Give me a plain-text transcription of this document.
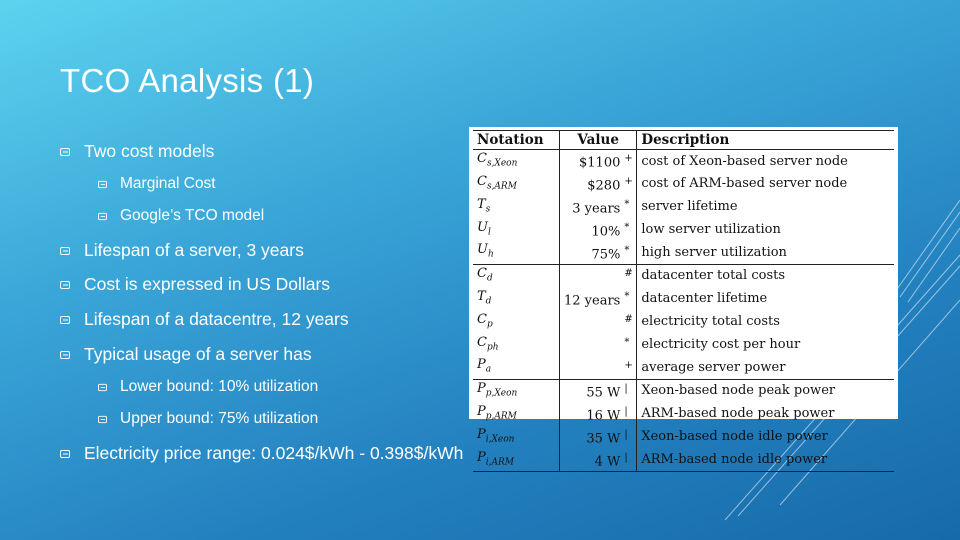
TCO Analysis (1)
Two cost models
Marginal Cost
Google’s TCO model
Lifespan of a server, 3 years
Cost is expressed in US Dollars
Lifespan of a datacentre, 12 years
Typical usage of a server has
Lower bound: 10% utilization
Upper bound: 75% utilization
Electricity price range: 0.024$/kWh - 0.398$/kWh
Notation	Value	Description
$C_{s,Xeon}$	$1100 +	cost of Xeon-based server node
$C_{s,ARM}$	$280 +	cost of ARM-based server node
$T_s$	3 years *	server lifetime
$U_l$	10% *	low server utilization
$U_h$	75% *	high server utilization
$C_d$	#	datacenter total costs
$T_d$	12 years *	datacenter lifetime
$C_p$	#	electricity total costs
$C_{ph}$	*	electricity cost per hour
$P_a$	+	average server power
$P_{p,Xeon}$	55 W |	Xeon-based node peak power
$P_{p,ARM}$	16 W |	ARM-based node peak power
$P_{i,Xeon}$	35 W |	Xeon-based node idle power
$P_{i,ARM}$	4 W |	ARM-based node idle power
